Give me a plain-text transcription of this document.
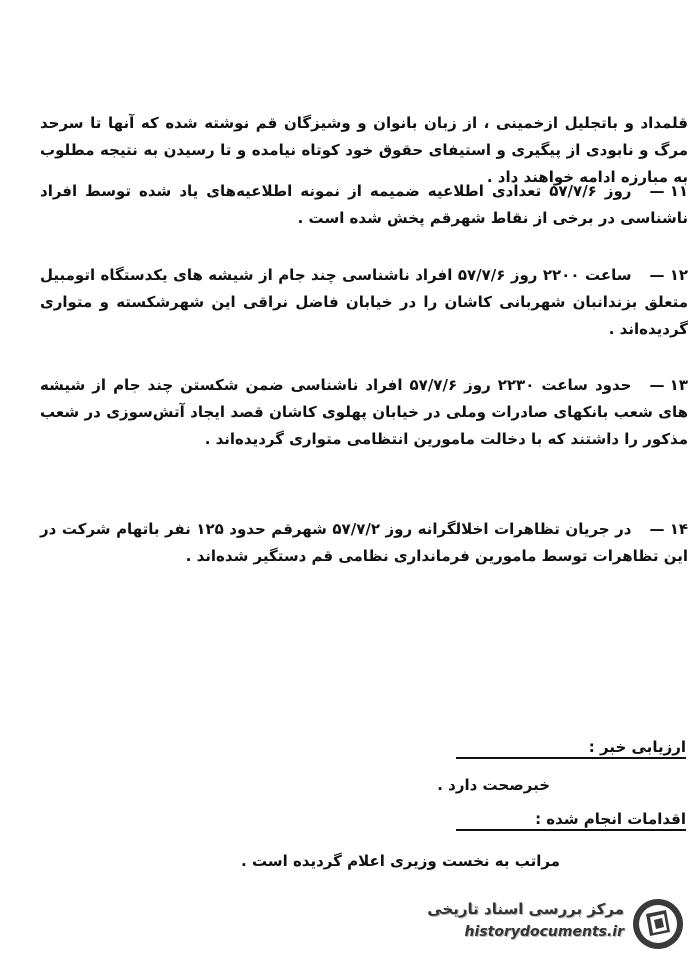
قلمداد و باتجلیل ازخمینی ، از زبان بانوان و وشیزگان قم نوشته شده که آنها تا سرحد مرگ و نابودی از پیگیری و استیفای حقوق خود کوتاه نیامده و تا رسیدن به نتیجه مطلوب به مبارزه ادامه خواهند داد .
۱۱ —روز ۵۷/۷/۶ تعدادی اطلاعیه ضمیمه از نمونه اطلاعیه‌های یاد شده توسط افراد ناشناسی در برخی از نقاط شهرقم پخش شده است .
۱۲ —ساعت ۲۲۰۰ روز ۵۷/۷/۶ افراد ناشناسی چند جام از شیشه های یکدستگاه اتومبیل متعلق بزندانبان شهربانی کاشان را در خیابان فاضل نراقی این شهرشکسته و متواری گردیده‌اند .
۱۳ —حدود ساعت ۲۲۳۰ روز ۵۷/۷/۶ افراد ناشناسی ضمن شکستن چند جام از شیشه های شعب بانکهای صادرات وملی در خیابان پهلوی کاشان قصد ایجاد آتش‌سوزی در شعب مذکور را داشتند که با دخالت مامورین انتظامی متواری گردیده‌اند .
۱۴ —در جریان تظاهرات اخلالگرانه روز ۵۷/۷/۲ شهرقم حدود ۱۲۵ نفر باتهام شرکت در این تظاهرات توسط مامورین فرمانداری نظامی قم دستگیر شده‌اند .
ارزیابی خبر :
خبرصحت دارد .
اقدامات انجام شده :
مراتب به نخست وزیری اعلام گردیده است .
مرکز بررسی اسناد تاریخی
historydocuments.ir
